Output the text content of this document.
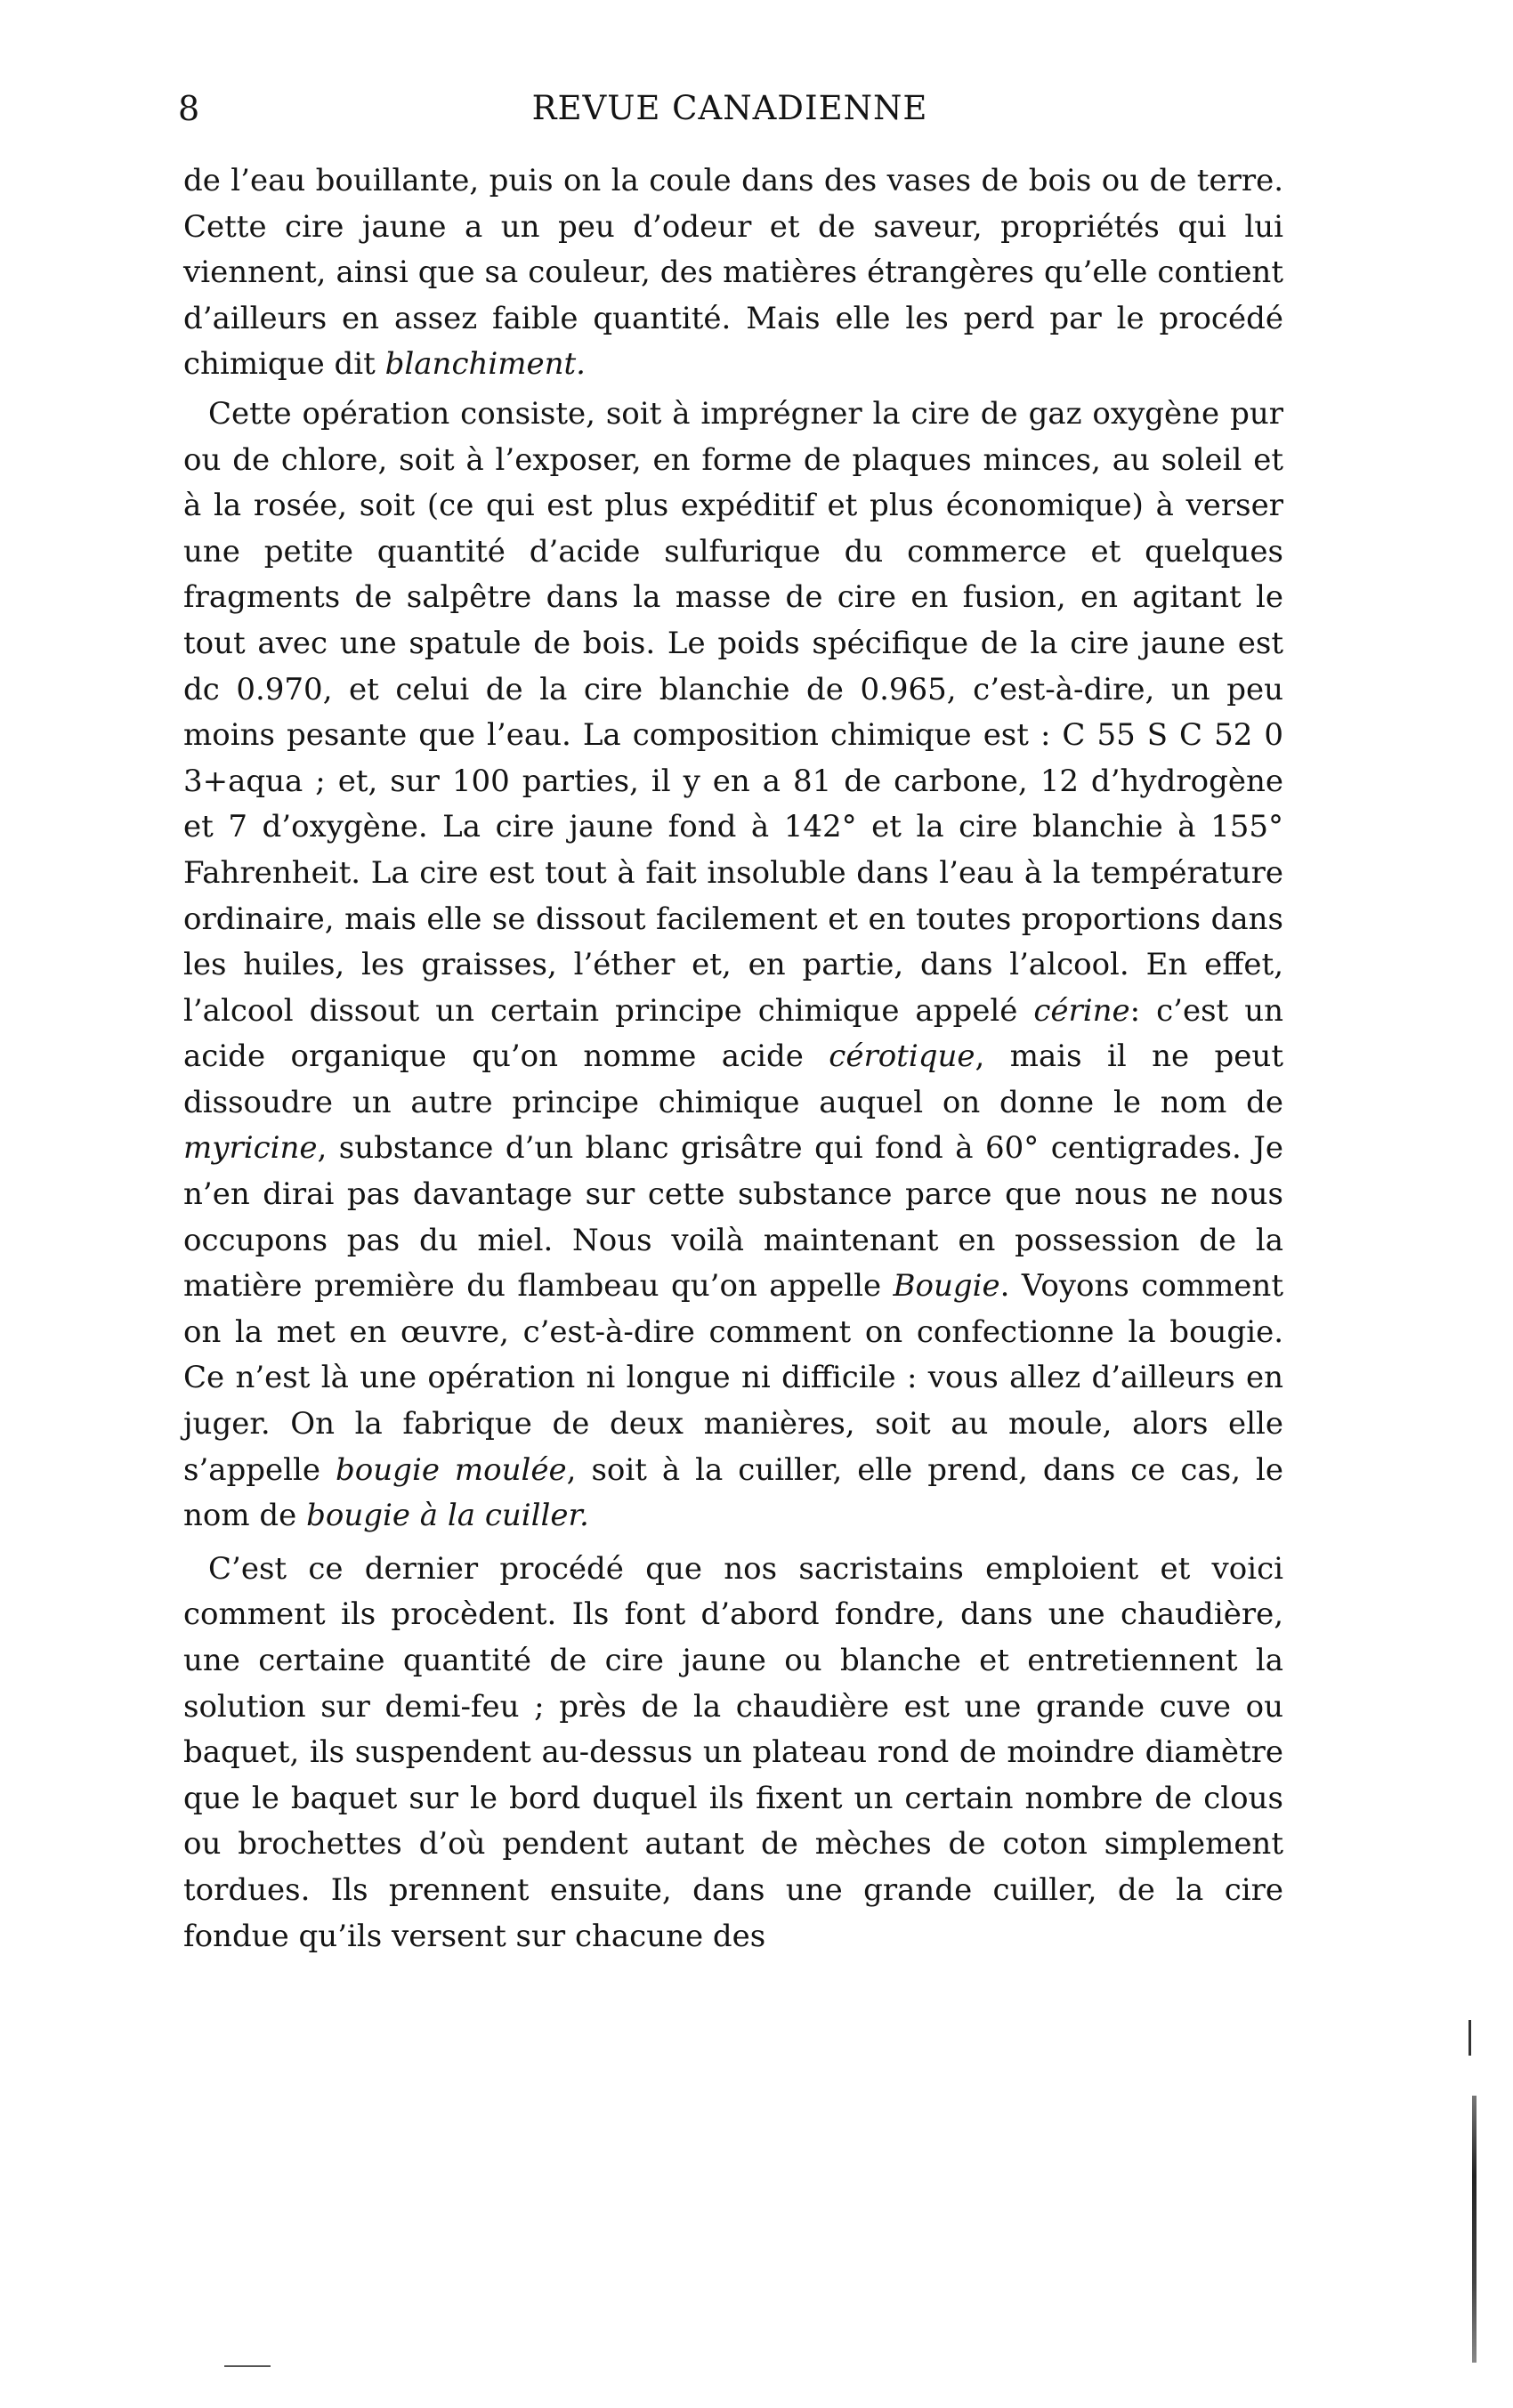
8	REVUE CANADIENNE

de l’eau bouillante, puis on la coule dans des vases de bois ou de terre. Cette cire jaune a un peu d’odeur et de saveur, propriétés qui lui viennent, ainsi que sa couleur, des matières étrangères qu’elle contient d’ailleurs en assez faible quantité. Mais elle les perd par le procédé chimique dit blanchiment.

Cette opération consiste, soit à imprégner la cire de gaz oxygène pur ou de chlore, soit à l’exposer, en forme de plaques minces, au soleil et à la rosée, soit (ce qui est plus expéditif et plus économique) à verser une petite quantité d’acide sulfurique du commerce et quelques fragments de salpêtre dans la masse de cire en fusion, en agitant le tout avec une spatule de bois. Le poids spécifique de la cire jaune est dc 0.970, et celui de la cire blanchie de 0.965, c’est-à-dire, un peu moins pesante que l’eau. La composition chimique est : C 55 S C 52 0 3+aqua ; et, sur 100 parties, il y en a 81 de carbone, 12 d’hydrogène et 7 d’oxygène. La cire jaune fond à 142° et la cire blanchie à 155° Fahrenheit. La cire est tout à fait insoluble dans l’eau à la température ordinaire, mais elle se dissout facilement et en toutes proportions dans les huiles, les graisses, l’éther et, en partie, dans l’alcool. En effet, l’alcool dissout un certain principe chimique appelé cérine: c’est un acide organique qu’on nomme acide cérotique, mais il ne peut dissoudre un autre principe chimique auquel on donne le nom de myricine, substance d’un blanc grisâtre qui fond à 60° centigrades. Je n’en dirai pas davantage sur cette substance parce que nous ne nous occupons pas du miel. Nous voilà maintenant en possession de la matière première du flambeau qu’on appelle Bougie. Voyons comment on la met en œuvre, c’est-à-dire comment on confectionne la bougie. Ce n’est là une opération ni longue ni difficile : vous allez d’ailleurs en juger. On la fabrique de deux manières, soit au moule, alors elle s’appelle bougie moulée, soit à la cuiller, elle prend, dans ce cas, le nom de bougie à la cuiller.

C’est ce dernier procédé que nos sacristains emploient et voici comment ils procèdent. Ils font d’abord fondre, dans une chaudière, une certaine quantité de cire jaune ou blanche et entretiennent la solution sur demi-feu ; près de la chaudière est une grande cuve ou baquet, ils suspendent au-dessus un plateau rond de moindre diamètre que le baquet sur le bord duquel ils fixent un certain nombre de clous ou brochettes d’où pendent autant de mèches de coton simplement tordues. Ils prennent ensuite, dans une grande cuiller, de la cire fondue qu’ils versent sur chacune des
